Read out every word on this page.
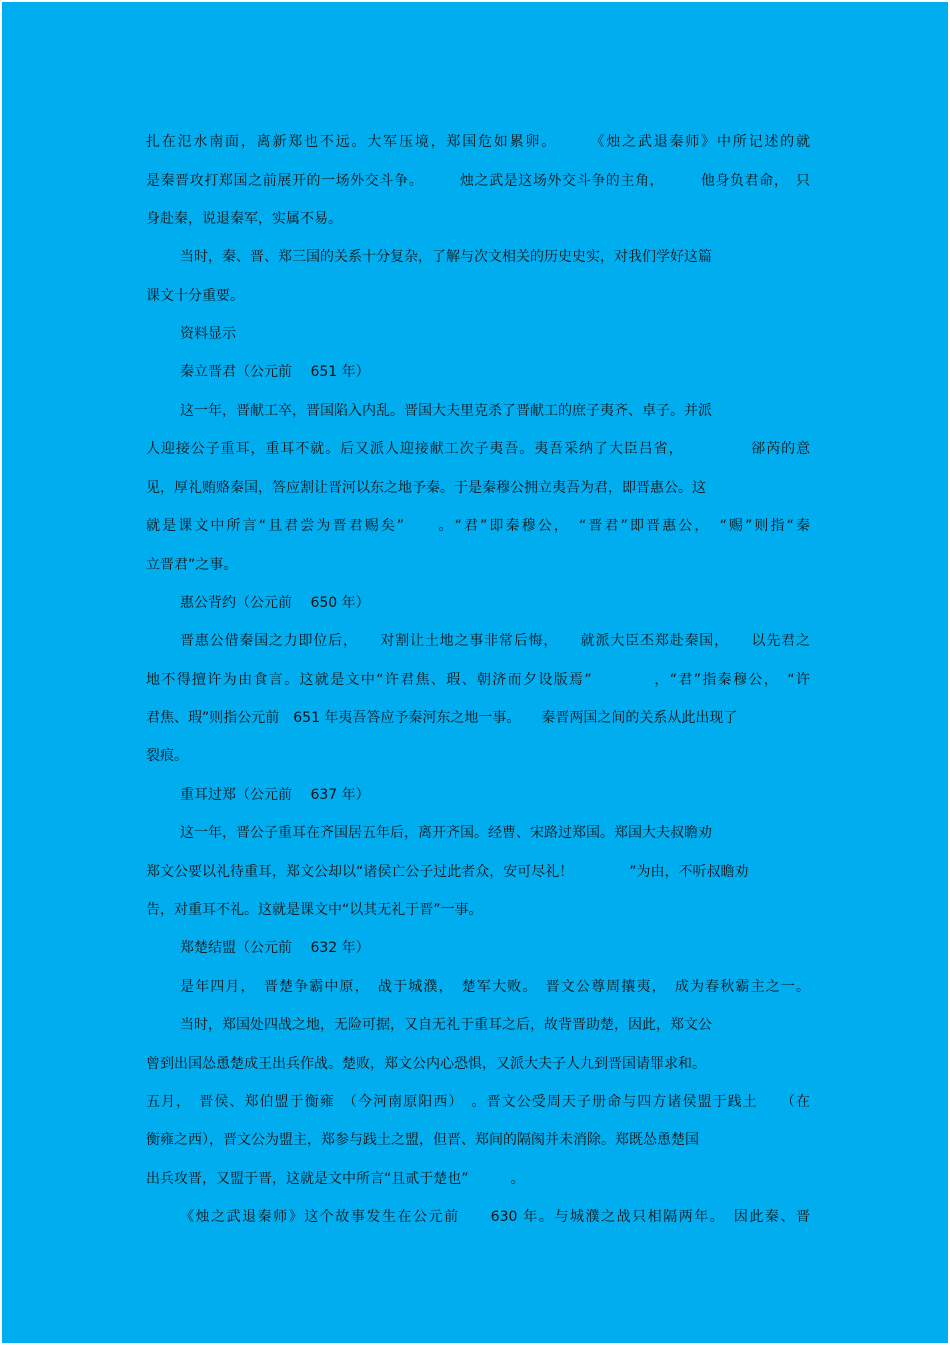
扎在氾水南面，离新郑也不远。大军压境，郑国危如累卵。　　　《烛之武退秦师》中所记述的就

是秦晋攻打郑国之前展开的一场外交斗争。　　　烛之武是这场外交斗争的主角，　　　他身负君命，　只

身赴秦，说退秦军，实属不易。

当时，秦、晋、郑三国的关系十分复杂，了解与次文相关的历史史实，对我们学好这篇

课文十分重要。

资料显示

秦立晋君（公元前　 651 年）

这一年，晋献工卒，晋国陷入内乱。晋国大夫里克杀了晋献工的庶子夷齐、卓子。并派

人迎接公子重耳，重耳不就。后又派人迎接献工次子夷吾。夷吾采纳了大臣吕省，　　　　　郤芮的意

见，厚礼贿赂秦国，答应割让晋河以东之地予秦。于是秦穆公拥立夷吾为君，即晋惠公。这

就是课文中所言“且君尝为晋君赐矣”　　。“君”即秦穆公，　“晋君”即晋惠公，　“赐”则指“秦

立晋君”之事。

惠公背约（公元前　 650 年）

晋惠公借秦国之力即位后，　　对割让土地之事非常后悔，　　就派大臣丕郑赴秦国，　　以先君之

地不得擅许为由食言。这就是文中“许君焦、瑕、朝济而夕设版焉”　　　　，“君”指秦穆公，　“许

君焦、瑕”则指公元前　651 年夷吾答应予秦河东之地一事。　　秦晋两国之间的关系从此出现了

裂痕。

重耳过郑（公元前　 637 年）

这一年，晋公子重耳在齐国居五年后，离开齐国。经曹、宋路过郑国。郑国大夫叔瞻劝

郑文公要以礼待重耳，郑文公却以“诸侯亡公子过此者众，安可尽礼！　　　　”为由，不听叔瞻劝

告，对重耳不礼。这就是课文中“以其无礼于晋”一事。

郑楚结盟（公元前　 632 年）

是年四月，　晋楚争霸中原，　战于城濮，　楚军大败。　晋文公尊周攘夷，　成为春秋霸主之一。

当时，郑国处四战之地，无险可据，又自无礼于重耳之后，故背晋助楚，因此，郑文公

曾到出国怂恿楚成王出兵作战。楚败，郑文公内心恐惧，又派大夫子人九到晋国请罪求和。

五月，　晋侯、郑伯盟于衡雍　（今河南原阳西）　。晋文公受周天子册命与四方诸侯盟于践土　　（在

衡雍之西），晋文公为盟主，郑参与践土之盟，但晋、郑间的隔阂并未消除。郑既怂恿楚国

出兵攻晋，又盟于晋，这就是文中所言“且贰于楚也”　　　。

《烛之武退秦师》这个故事发生在公元前　　630 年。与城濮之战只相隔两年。　因此秦、晋
